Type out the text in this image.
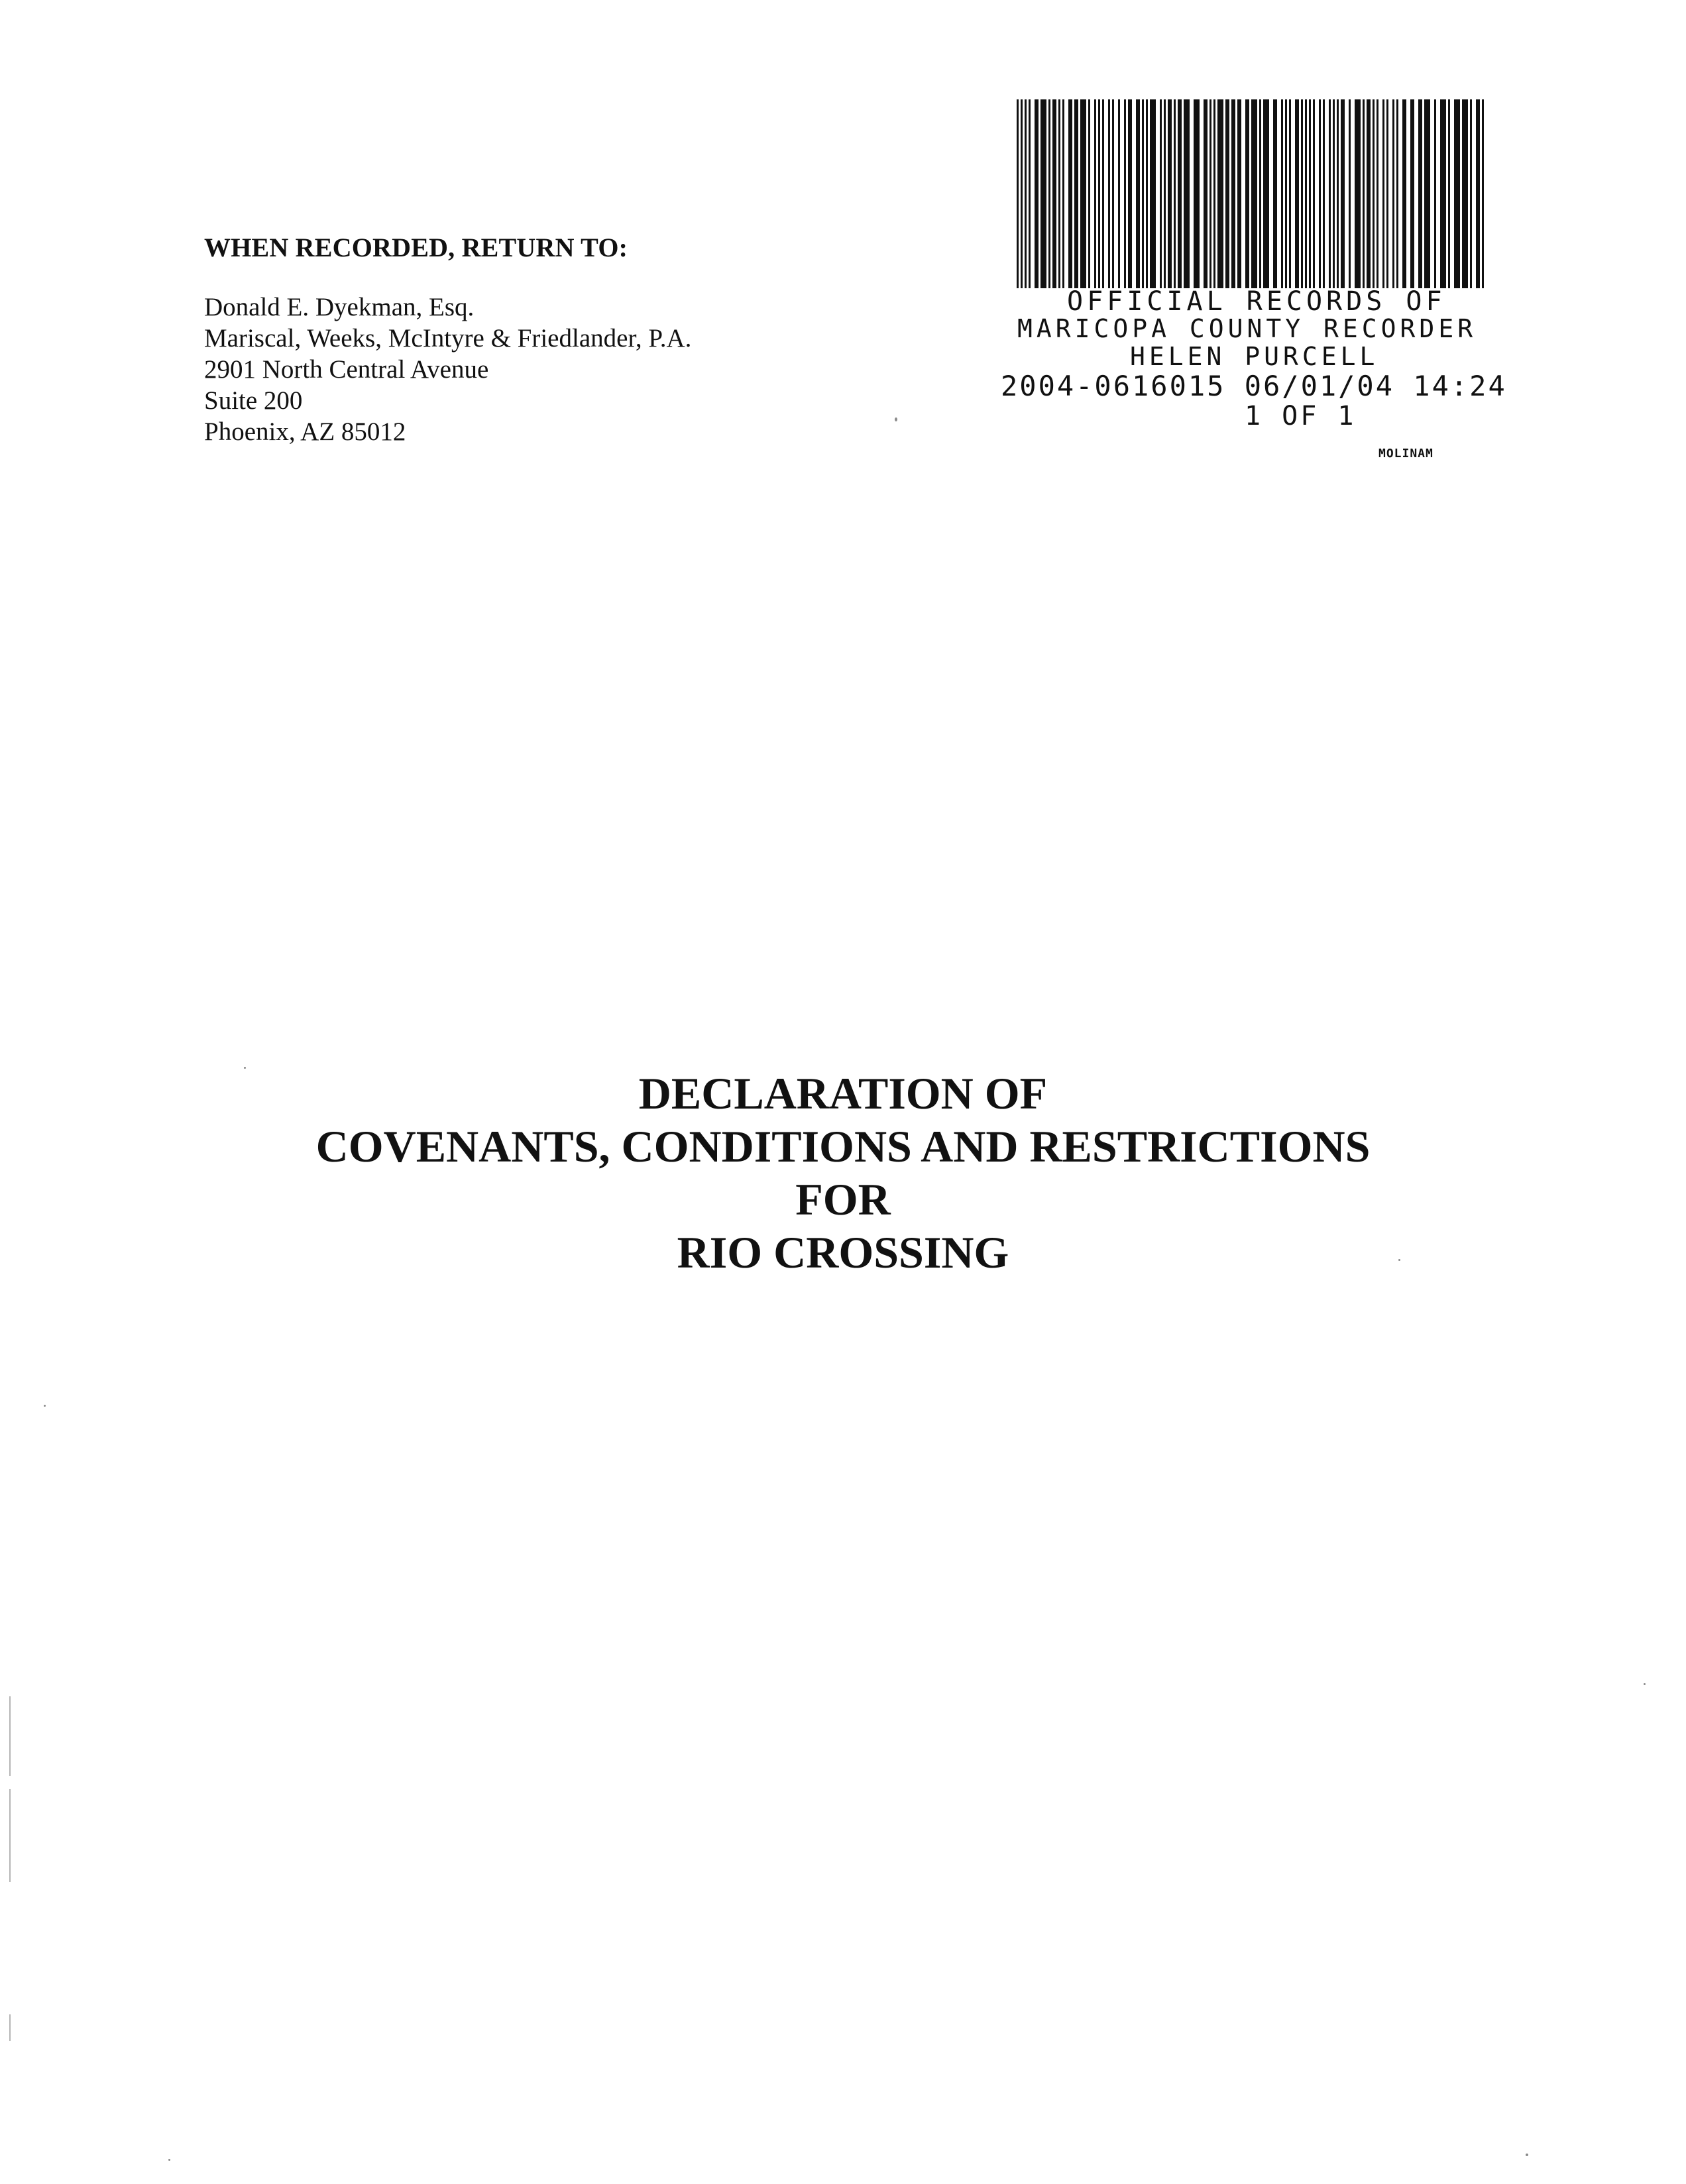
WHEN RECORDED, RETURN TO:
Donald E. Dyekman, Esq.
Mariscal, Weeks, McIntyre & Friedlander, P.A.
2901 North Central Avenue
Suite 200
Phoenix, AZ 85012
OFFICIAL RECORDS OF
MARICOPA COUNTY RECORDER
HELEN PURCELL
2004-0616015 06/01/04 14:24
1 OF 1
MOLINAM
DECLARATION OF
COVENANTS, CONDITIONS AND RESTRICTIONS
FOR
RIO CROSSING
